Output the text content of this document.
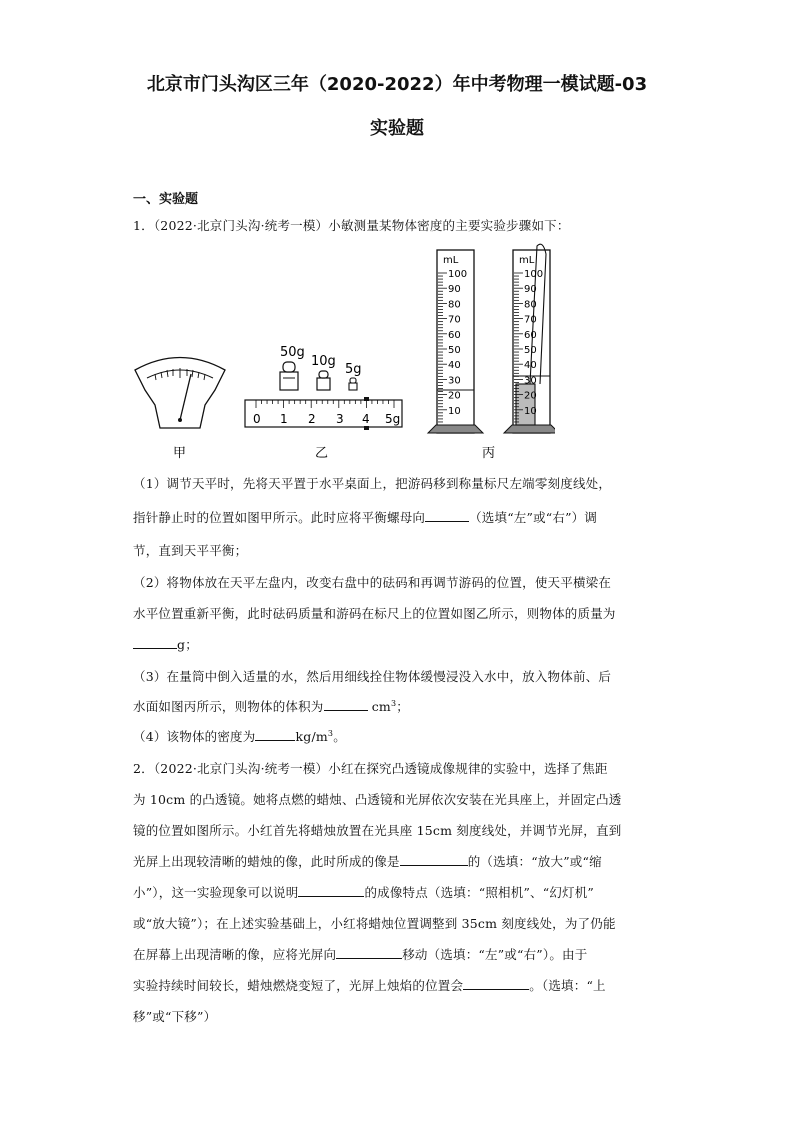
北京市门头沟区三年（2020-2022）年中考物理一模试题-03
实验题
一、实验题
1．（2022·北京门头沟·统考一模）小敏测量某物体密度的主要实验步骤如下：
甲
50g
10g
5g
0 1 2 3 4 5g
乙
mL	mL
100
90
80
70
60
50
40
30
20
10
100
90
80
70
60
50
40
30
20
10
丙
（1）调节天平时，先将天平置于水平桌面上，把游码移到称量标尺左端零刻度线处，
指针静止时的位置如图甲所示。此时应将平衡螺母向	（选填“左”或“右”）调
节，直到天平平衡；
（2）将物体放在天平左盘内，改变右盘中的砝码和再调节游码的位置，使天平横梁在
水平位置重新平衡，此时砝码质量和游码在标尺上的位置如图乙所示，则物体的质量为
g；
（3）在量筒中倒入适量的水，然后用细线拴住物体缓慢浸没入水中，放入物体前、后
水面如图丙所示，则物体的体积为	$cm^3$；
（4）该物体的密度为	$kg/m^3$。
2．（2022·北京门头沟·统考一模）小红在探究凸透镜成像规律的实验中，选择了焦距
为 10cm 的凸透镜。她将点燃的蜡烛、凸透镜和光屏依次安装在光具座上，并固定凸透
镜的位置如图所示。小红首先将蜡烛放置在光具座 15cm 刻度线处，并调节光屏，直到
光屏上出现较清晰的蜡烛的像，此时所成的像是	的（选填：“放大”或“缩
小”），这一实验现象可以说明	的成像特点（选填：“照相机”、“幻灯机”
或“放大镜”）；在上述实验基础上，小红将蜡烛位置调整到 35cm 刻度线处，为了仍能
在屏幕上出现清晰的像，应将光屏向	移动（选填：“左”或“右”）。由于
实验持续时间较长，蜡烛燃烧变短了，光屏上烛焰的位置会	。（选填：“上
移”或“下移”）
